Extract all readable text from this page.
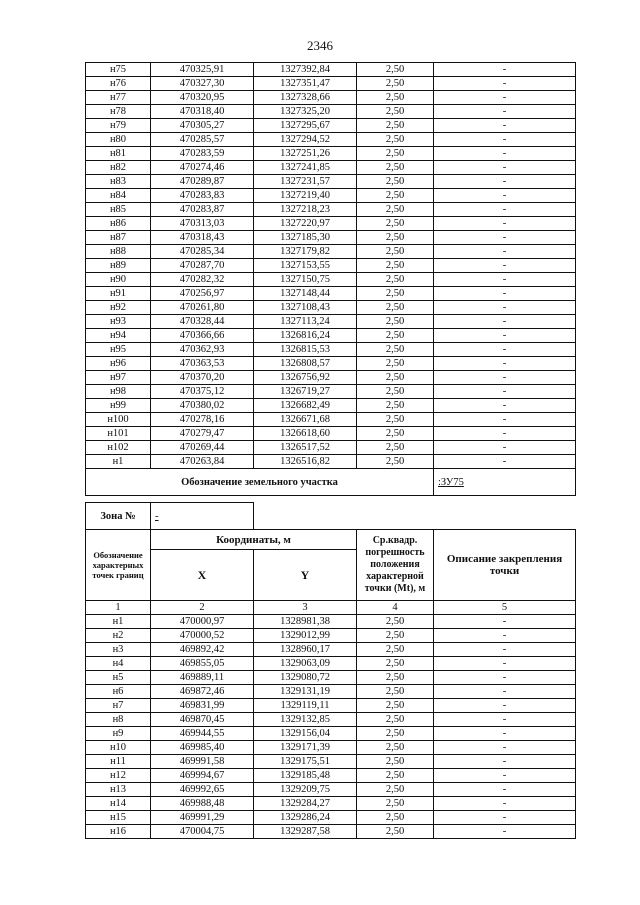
2346
н75	470325,91	1327392,84	2,50	-
н76	470327,30	1327351,47	2,50	-
н77	470320,95	1327328,66	2,50	-
н78	470318,40	1327325,20	2,50	-
н79	470305,27	1327295,67	2,50	-
н80	470285,57	1327294,52	2,50	-
н81	470283,59	1327251,26	2,50	-
н82	470274,46	1327241,85	2,50	-
н83	470289,87	1327231,57	2,50	-
н84	470283,83	1327219,40	2,50	-
н85	470283,87	1327218,23	2,50	-
н86	470313,03	1327220,97	2,50	-
н87	470318,43	1327185,30	2,50	-
н88	470285,34	1327179,82	2,50	-
н89	470287,70	1327153,55	2,50	-
н90	470282,32	1327150,75	2,50	-
н91	470256,97	1327148,44	2,50	-
н92	470261,80	1327108,43	2,50	-
н93	470328,44	1327113,24	2,50	-
н94	470366,66	1326816,24	2,50	-
н95	470362,93	1326815,53	2,50	-
н96	470363,53	1326808,57	2,50	-
н97	470370,20	1326756,92	2,50	-
н98	470375,12	1326719,27	2,50	-
н99	470380,02	1326682,49	2,50	-
н100	470278,16	1326671,68	2,50	-
н101	470279,47	1326618,60	2,50	-
н102	470269,44	1326517,52	2,50	-
н1	470263,84	1326516,82	2,50	-
Обозначение земельного участка				:ЗУ75
Зона №	-			
Обозначение характерных точек границ	Координаты, м		Ср.квадр. погрешность положения характерной точки (Мt), м	Описание закрепления точки
	X	Y		
1	2	3	4	5
н1	470000,97	1328981,38	2,50	-
н2	470000,52	1329012,99	2,50	-
н3	469892,42	1328960,17	2,50	-
н4	469855,05	1329063,09	2,50	-
н5	469889,11	1329080,72	2,50	-
н6	469872,46	1329131,19	2,50	-
н7	469831,99	1329119,11	2,50	-
н8	469870,45	1329132,85	2,50	-
н9	469944,55	1329156,04	2,50	-
н10	469985,40	1329171,39	2,50	-
н11	469991,58	1329175,51	2,50	-
н12	469994,67	1329185,48	2,50	-
н13	469992,65	1329209,75	2,50	-
н14	469988,48	1329284,27	2,50	-
н15	469991,29	1329286,24	2,50	-
н16	470004,75	1329287,58	2,50	-
